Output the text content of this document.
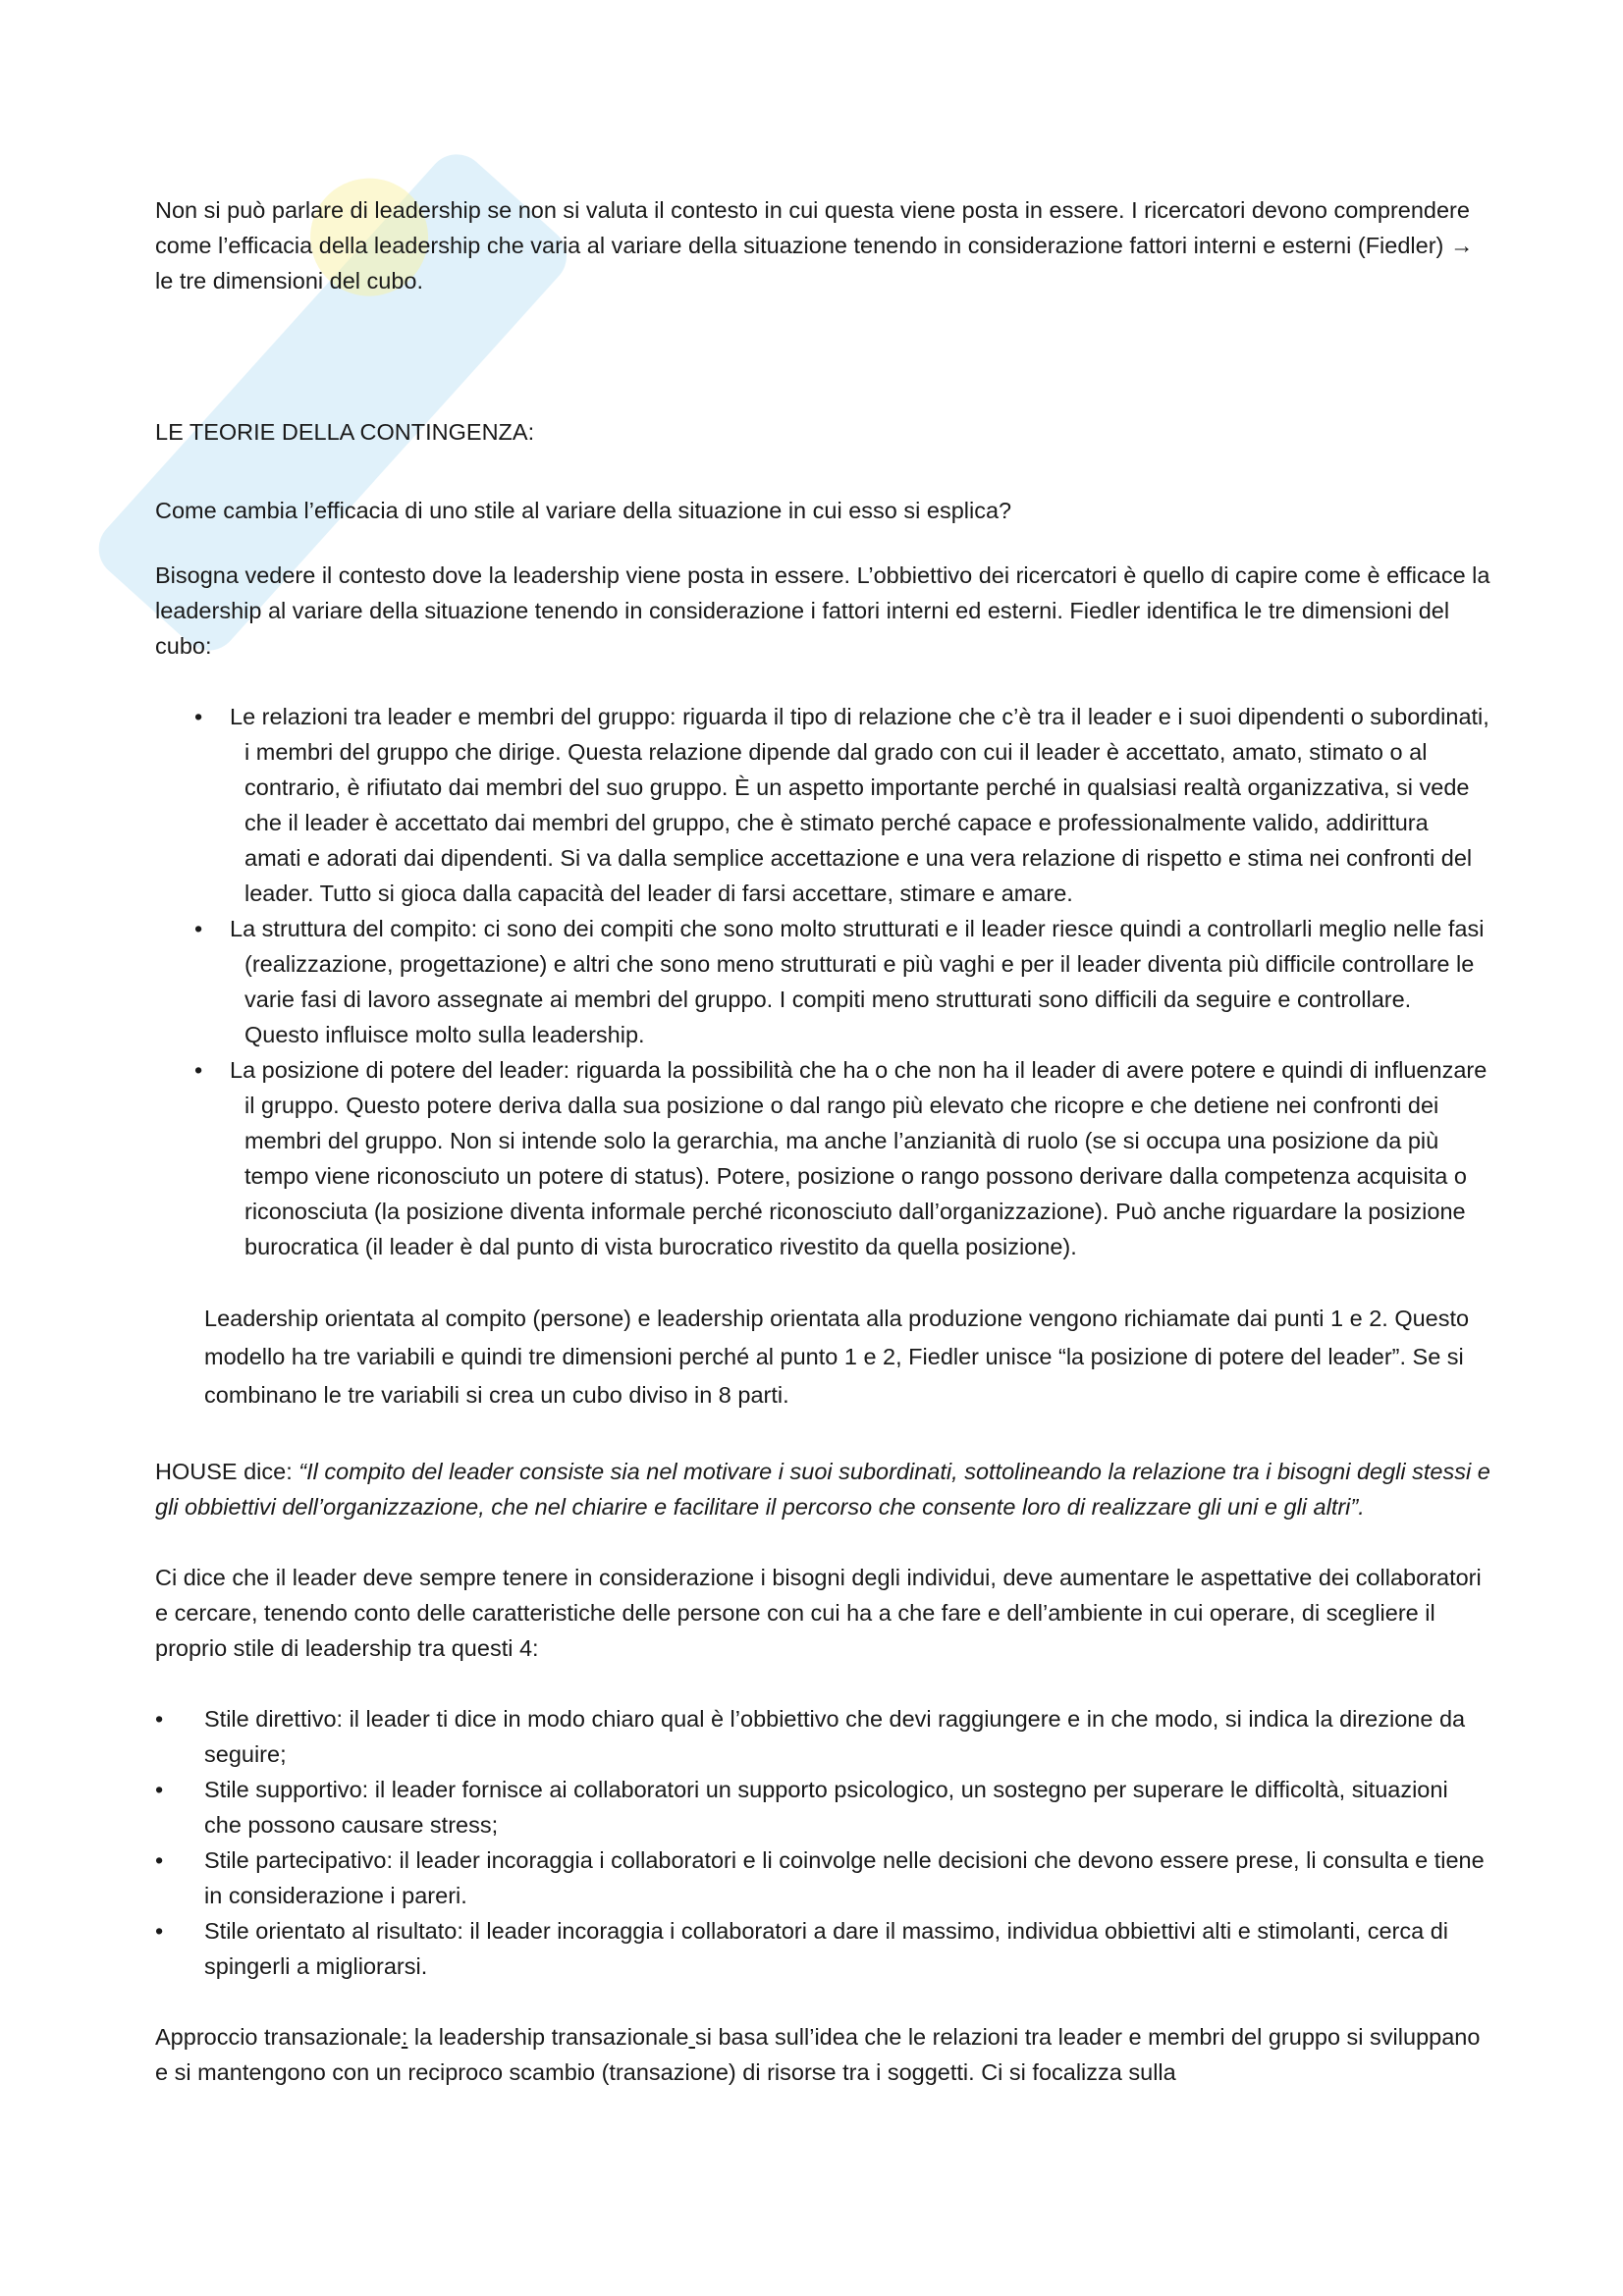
Non si può parlare di leadership se non si valuta il contesto in cui questa viene posta in essere. I ricercatori devono comprendere come l’efficacia della leadership che varia al variare della situazione tenendo in considerazione fattori interni e esterni (Fiedler) → le tre dimensioni del cubo.

LE TEORIE DELLA CONTINGENZA:

Come cambia l’efficacia di uno stile al variare della situazione in cui esso si esplica?

Bisogna vedere il contesto dove la leadership viene posta in essere. L’obbiettivo dei ricercatori è quello di capire come è efficace la leadership al variare della situazione tenendo in considerazione i fattori interni ed esterni. Fiedler identifica le tre dimensioni del cubo:

•	Le relazioni tra leader e membri del gruppo: riguarda il tipo di relazione che c’è tra il leader e i suoi dipendenti o subordinati, i membri del gruppo che dirige. Questa relazione dipende dal grado con cui il leader è accettato, amato, stimato o al contrario, è rifiutato dai membri del suo gruppo. È un aspetto importante perché in qualsiasi realtà organizzativa, si vede che il leader è accettato dai membri del gruppo, che è stimato perché capace e professionalmente valido, addirittura amati e adorati dai dipendenti. Si va dalla semplice accettazione e una vera relazione di rispetto e stima nei confronti del leader. Tutto si gioca dalla capacità del leader di farsi accettare, stimare e amare.
•	La struttura del compito: ci sono dei compiti che sono molto strutturati e il leader riesce quindi a controllarli meglio nelle fasi (realizzazione, progettazione) e altri che sono meno strutturati e più vaghi e per il leader diventa più difficile controllare le varie fasi di lavoro assegnate ai membri del gruppo. I compiti meno strutturati sono difficili da seguire e controllare. Questo influisce molto sulla leadership.
•	La posizione di potere del leader: riguarda la possibilità che ha o che non ha il leader di avere potere e quindi di influenzare il gruppo. Questo potere deriva dalla sua posizione o dal rango più elevato che ricopre e che detiene nei confronti dei membri del gruppo. Non si intende solo la gerarchia, ma anche l’anzianità di ruolo (se si occupa una posizione da più tempo viene riconosciuto un potere di status). Potere, posizione o rango possono derivare dalla competenza acquisita o riconosciuta (la posizione diventa informale perché riconosciuto dall’organizzazione). Può anche riguardare la posizione burocratica (il leader è dal punto di vista burocratico rivestito da quella posizione).

Leadership orientata al compito (persone) e leadership orientata alla produzione vengono richiamate dai punti 1 e 2. Questo modello ha tre variabili e quindi tre dimensioni perché al punto 1 e 2, Fiedler unisce “la posizione di potere del leader”. Se si combinano le tre variabili si crea un cubo diviso in 8 parti.

HOUSE dice: “Il compito del leader consiste sia nel motivare i suoi subordinati, sottolineando la relazione tra i bisogni degli stessi e gli obbiettivi dell’organizzazione, che nel chiarire e facilitare il percorso che consente loro di realizzare gli uni e gli altri”.

Ci dice che il leader deve sempre tenere in considerazione i bisogni degli individui, deve aumentare le aspettative dei collaboratori e cercare, tenendo conto delle caratteristiche delle persone con cui ha a che fare e dell’ambiente in cui operare, di scegliere il proprio stile di leadership tra questi 4:

• Stile direttivo: il leader ti dice in modo chiaro qual è l’obbiettivo che devi raggiungere e in che modo, si indica la direzione da seguire;
• Stile supportivo: il leader fornisce ai collaboratori un supporto psicologico, un sostegno per superare le difficoltà, situazioni che possono causare stress;
• Stile partecipativo: il leader incoraggia i collaboratori e li coinvolge nelle decisioni che devono essere prese, li consulta e tiene in considerazione i pareri.
• Stile orientato al risultato: il leader incoraggia i collaboratori a dare il massimo, individua obbiettivi alti e stimolanti, cerca di spingerli a migliorarsi.

Approccio transazionale: la leadership transazionale si basa sull’idea che le relazioni tra leader e membri del gruppo si sviluppano e si mantengono con un reciproco scambio (transazione) di risorse tra i soggetti. Ci si focalizza sulla
